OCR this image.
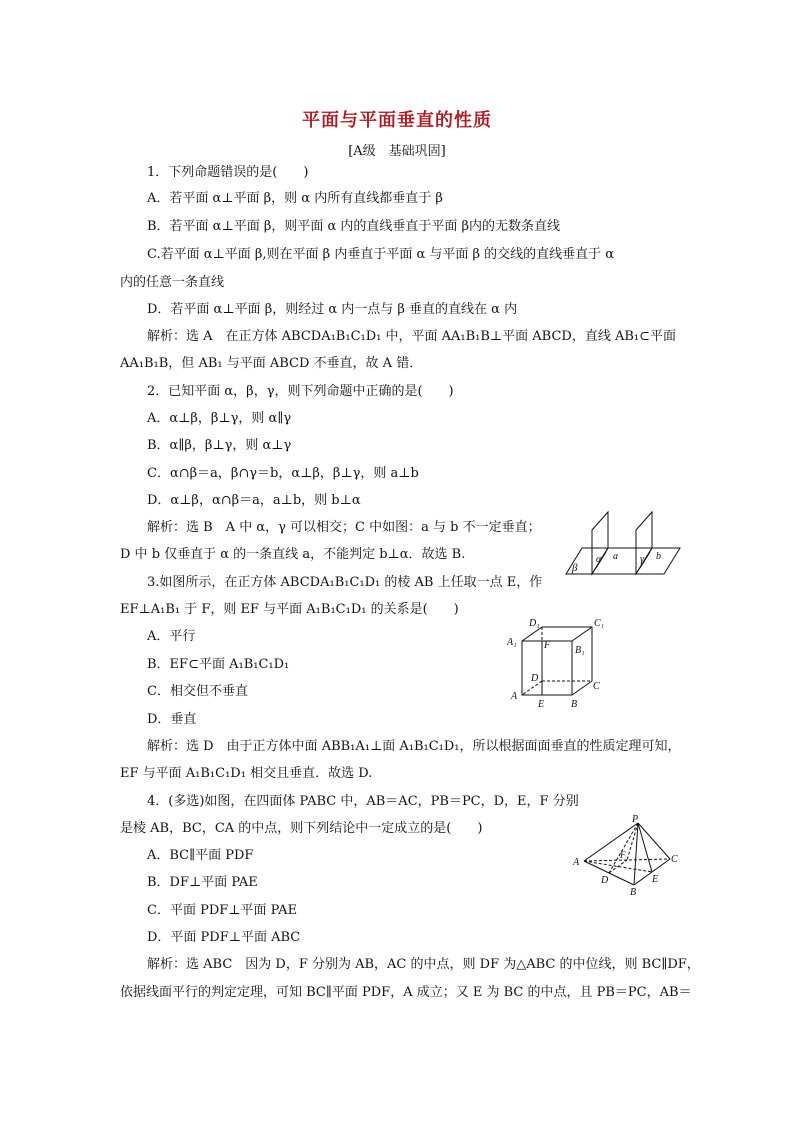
平面与平面垂直的性质
[A级　基础巩固]
1．下列命题错误的是(　　)
A．若平面 α⊥平面 β，则 α 内所有直线都垂直于 β
B．若平面 α⊥平面 β，则平面 α 内的直线垂直于平面 β内的无数条直线
C.若平面 α⊥平面 β,则在平面 β 内垂直于平面 α 与平面 β 的交线的直线垂直于 α
内的任意一条直线
D．若平面 α⊥平面 β，则经过 α 内一点与 β 垂直的直线在 α 内
解析：选 A　在正方体 ABCDA₁B₁C₁D₁ 中，平面 AA₁B₁B⊥平面 ABCD，直线 AB₁⊂平面
AA₁B₁B，但 AB₁ 与平面 ABCD 不垂直，故 A 错．
2．已知平面 α，β，γ，则下列命题中正确的是(　　)
A．α⊥β，β⊥γ，则 α∥γ
B．α∥β，β⊥γ，则 α⊥γ
C．α∩β＝a，β∩γ＝b，α⊥β，β⊥γ，则 a⊥b
D．α⊥β，α∩β＝a，a⊥b，则 b⊥α
解析：选 B　A 中 α，γ 可以相交；C 中如图：a 与 b 不一定垂直；
D 中 b 仅垂直于 α 的一条直线 a，不能判定 b⊥α．故选 B.
β
α a γ b
3.如图所示，在正方体 ABCDA₁B₁C₁D₁ 的棱 AB 上任取一点 E，作
EF⊥A₁B₁ 于 F，则 EF 与平面 A₁B₁C₁D₁ 的关系是(　　)
A．平行
B．EF⊂平面 A₁B₁C₁D₁
C．相交但不垂直
D．垂直
解析：选 D　由于正方体中面 ABB₁A₁⊥面 A₁B₁C₁D₁，所以根据面面垂直的性质定理可知，
EF 与平面 A₁B₁C₁D₁ 相交且垂直．故选 D.
D₁	C₁
A₁
B₁
F
D
C
A
E	B
4．(多选)如图，在四面体 PABC 中，AB＝AC，PB＝PC，D，E，F 分别
是棱 AB，BC，CA 的中点，则下列结论中一定成立的是(　　)
A．BC∥平面 PDF
B．DF⊥平面 PAE
C．平面 PDF⊥平面 PAE
D．平面 PDF⊥平面 ABC
解析：选 ABC　因为 D，F 分别为 AB，AC 的中点，则 DF 为△ABC 的中位线，则 BC∥DF，
依据线面平行的判定定理，可知 BC∥平面 PDF，A 成立；又 E 为 BC 的中点，且 PB＝PC，AB＝
P
A
F	C
D	E
B
